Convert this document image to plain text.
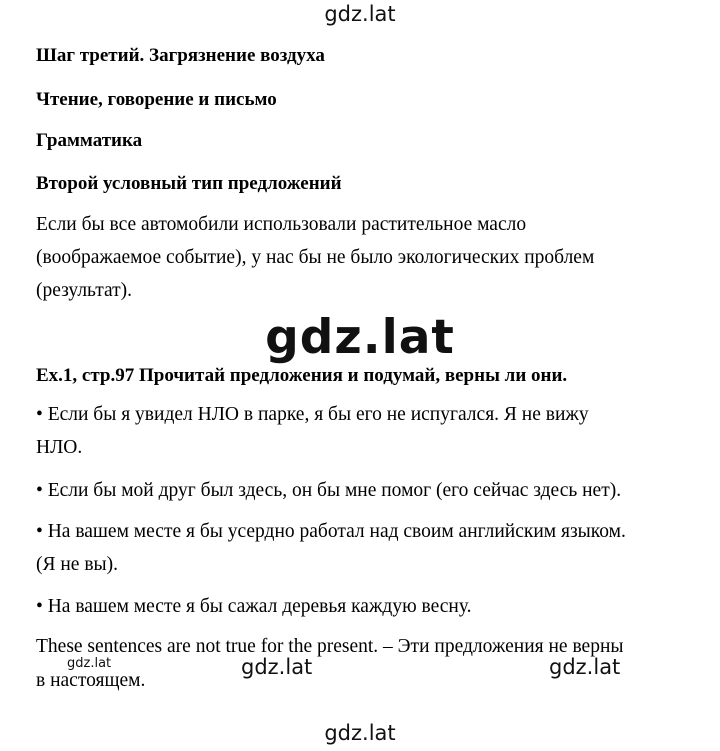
gdz.lat
Шаг третий. Загрязнение воздуха
Чтение, говорение и письмо
Грамматика
Второй условный тип предложений
Если бы все автомобили использовали растительное масло
(воображаемое событие), у нас бы не было экологических проблем
(результат).
Ex.1, стр.97 Прочитай предложения и подумай, верны ли они.
gdz.lat
• Если бы я увидел НЛО в парке, я бы его не испугался. Я не вижу
НЛО.
• Если бы мой друг был здесь, он бы мне помог (его сейчас здесь нет).
• На вашем месте я бы усердно работал над своим английским языком.
(Я не вы).
• На вашем месте я бы сажал деревья каждую весну.
These sentences are not true for the present. – Эти предложения не верны
в настоящем.
gdz.lat	gdz.lat	gdz.lat
gdz.lat
